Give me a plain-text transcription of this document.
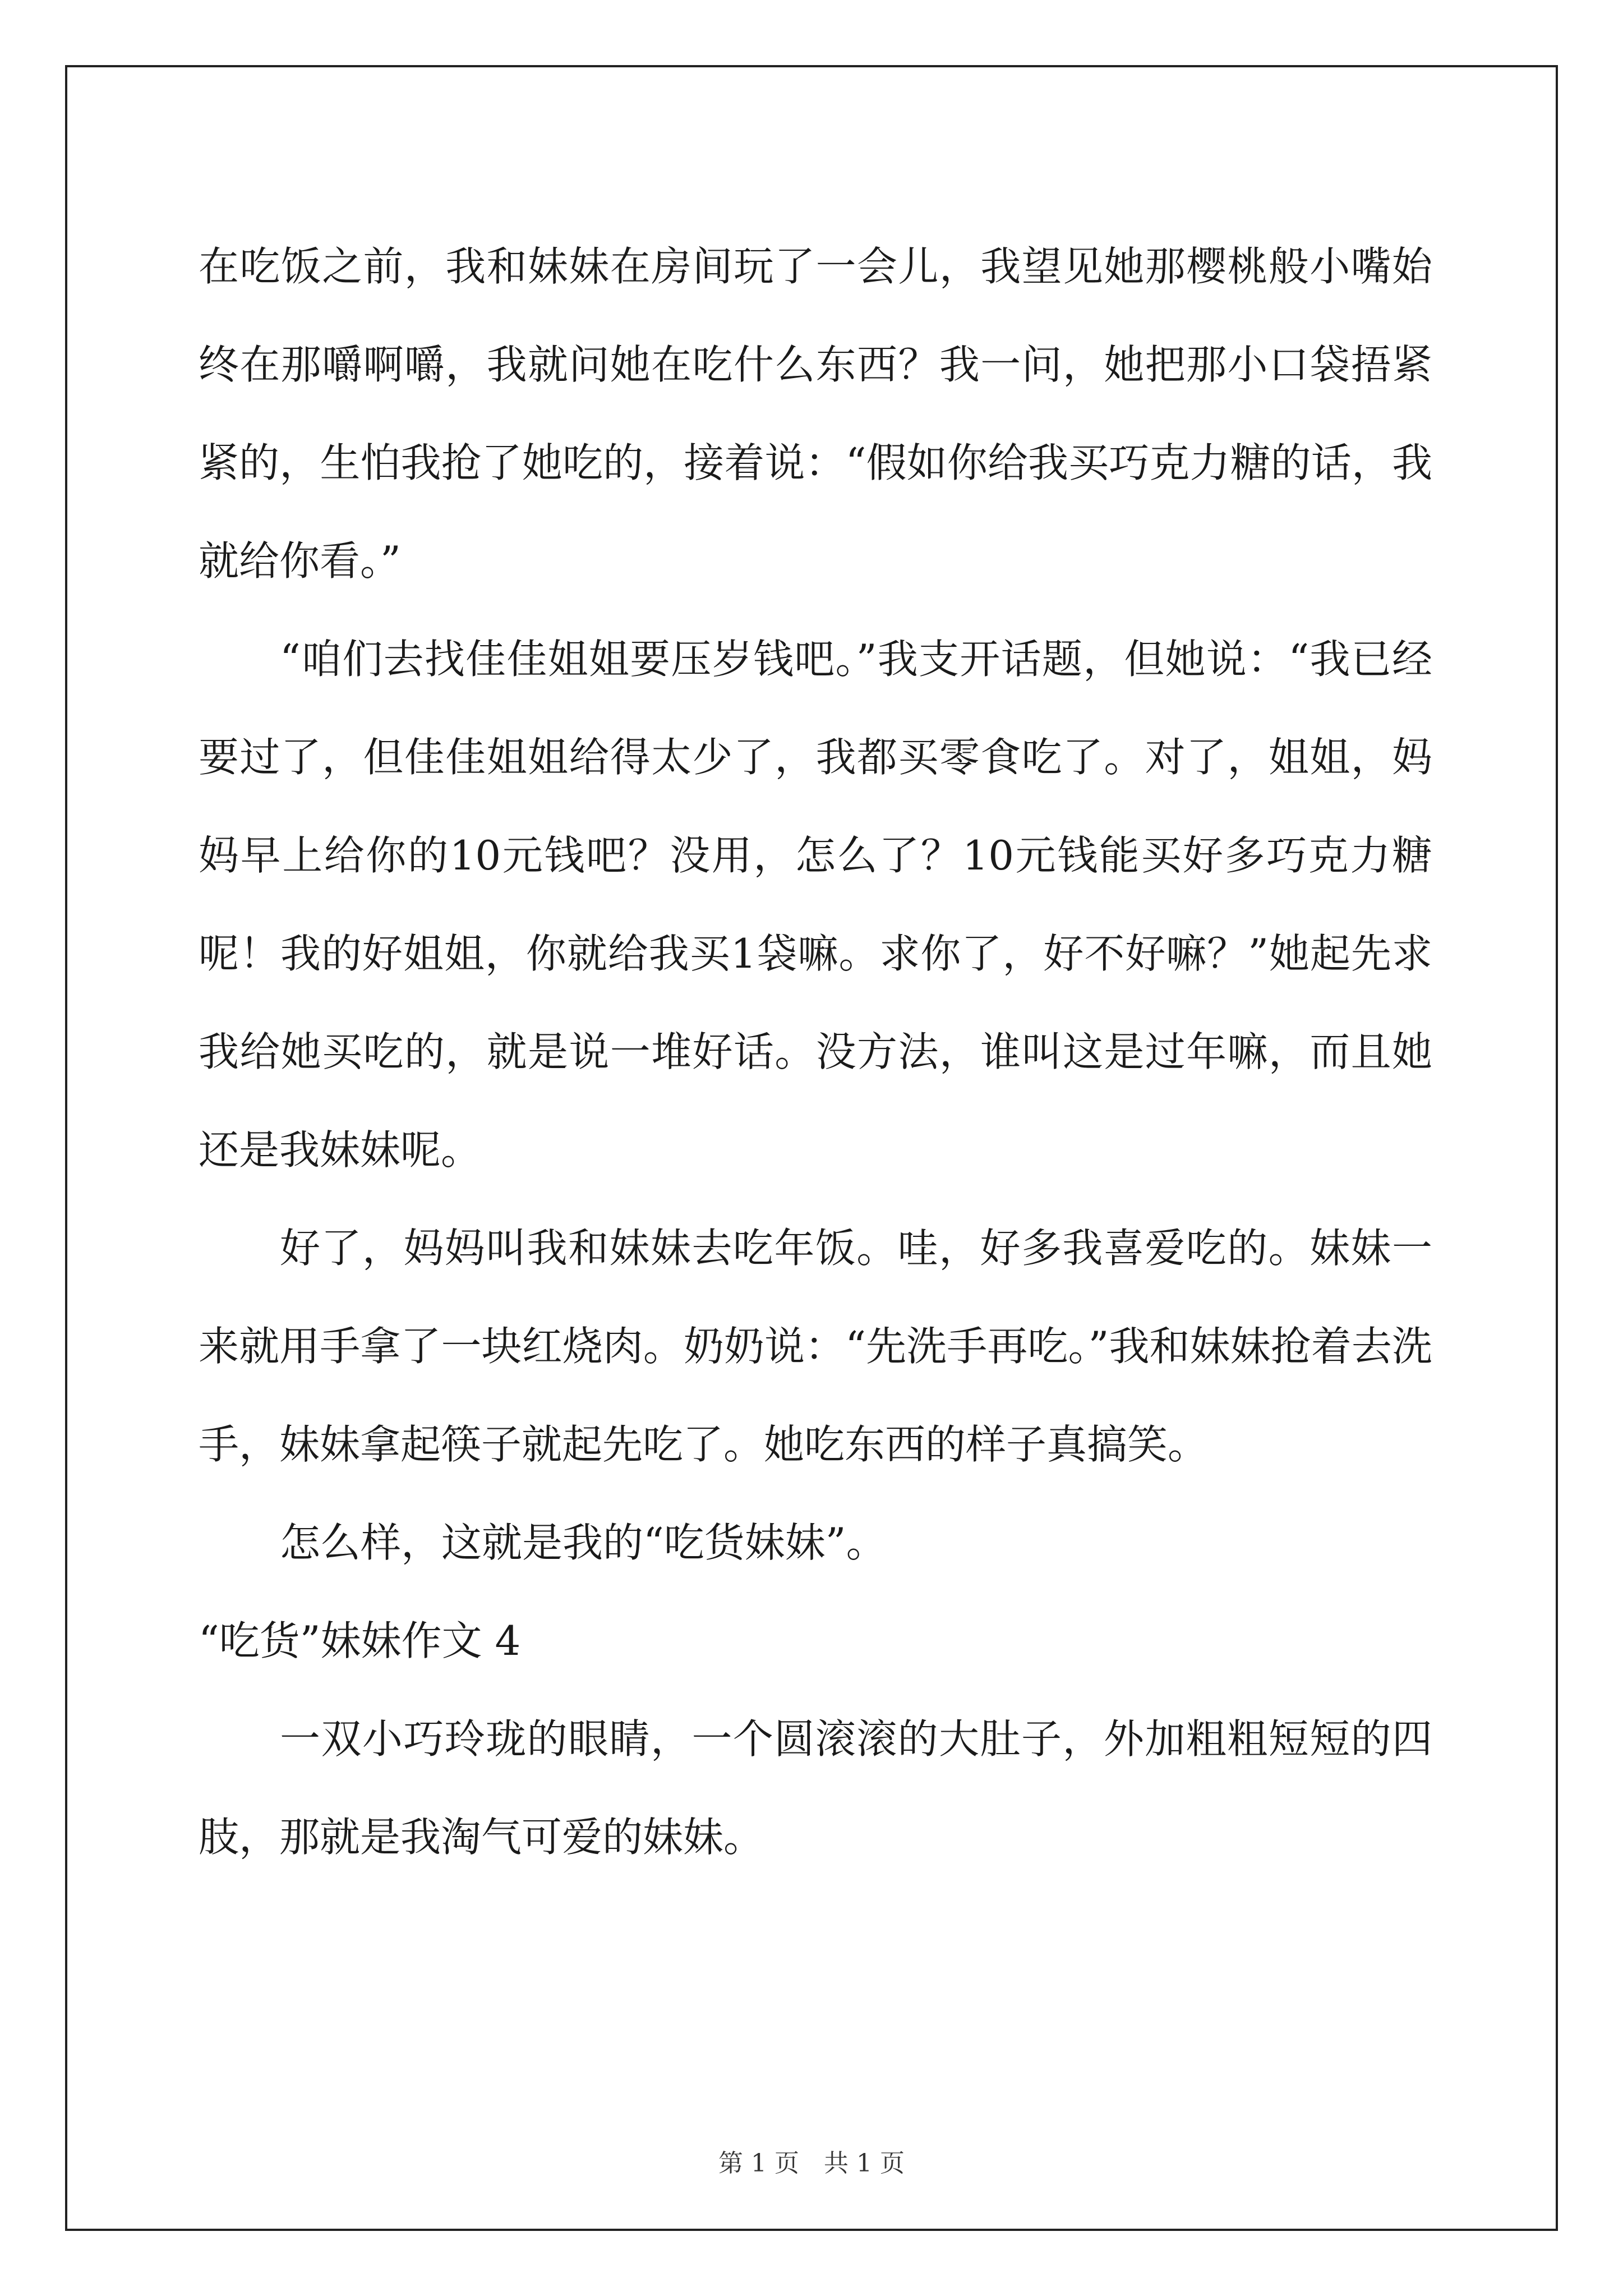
在吃饭之前，我和妹妹在房间玩了一会儿，我望见她那樱桃般小嘴始终在那嚼啊嚼，我就问她在吃什么东西？我一问，她把那小口袋捂紧紧的，生怕我抢了她吃的，接着说：“假如你给我买巧克力糖的话，我就给你看。”

“咱们去找佳佳姐姐要压岁钱吧。”我支开话题，但她说：“我已经要过了，但佳佳姐姐给得太少了，我都买零食吃了。对了，姐姐，妈妈早上给你的10元钱吧？没用，怎么了？10元钱能买好多巧克力糖呢！我的好姐姐，你就给我买1袋嘛。求你了，好不好嘛？”她起先求我给她买吃的，就是说一堆好话。没方法，谁叫这是过年嘛，而且她还是我妹妹呢。

好了，妈妈叫我和妹妹去吃年饭。哇，好多我喜爱吃的。妹妹一来就用手拿了一块红烧肉。奶奶说：“先洗手再吃。”我和妹妹抢着去洗手，妹妹拿起筷子就起先吃了。她吃东西的样子真搞笑。

怎么样，这就是我的“吃货妹妹”。

“吃货”妹妹作文 4

一双小巧玲珑的眼睛，一个圆滚滚的大肚子，外加粗粗短短的四肢，那就是我淘气可爱的妹妹。

第 1 页 共 1 页
